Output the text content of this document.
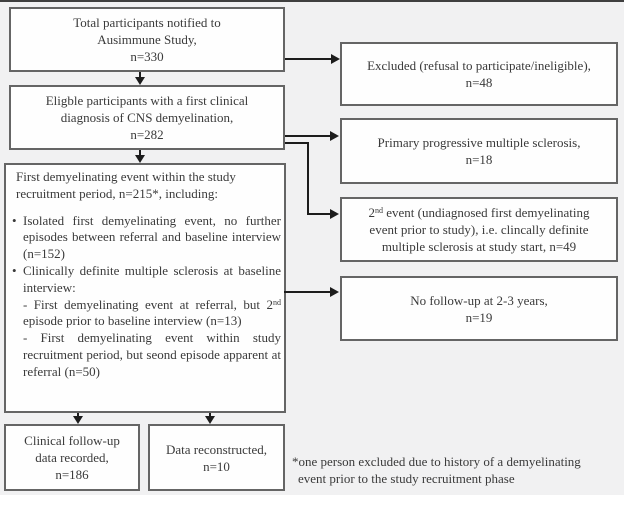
Total participants notified to
Ausimmune Study,
n=330
Eligble participants with a first clinical
diagnosis of CNS demyelination,
n=282
First demyelinating event within the study recruitment period, n=215*, including:
• Isolated first demyelinating event, no further episodes between referral and baseline interview (n=152)
• Clinically definite multiple sclerosis at baseline interview:
- First demyelinating event at referral, but 2nd episode prior to baseline interview (n=13)
- First demyelinating event within study recruitment period, but seond episode apparent at referral (n=50)
Clinical follow-up
data recorded,
n=186
Data reconstructed,
n=10
Excluded (refusal to participate/ineligible),
n=48
Primary progressive multiple sclerosis,
n=18
2nd event (undiagnosed first demyelinating
event prior to study), i.e. clincally definite
multiple sclerosis at study start, n=49
No follow-up at 2-3 years,
n=19
*one person excluded due to history of a demyelinating
event prior to the study recruitment phase
